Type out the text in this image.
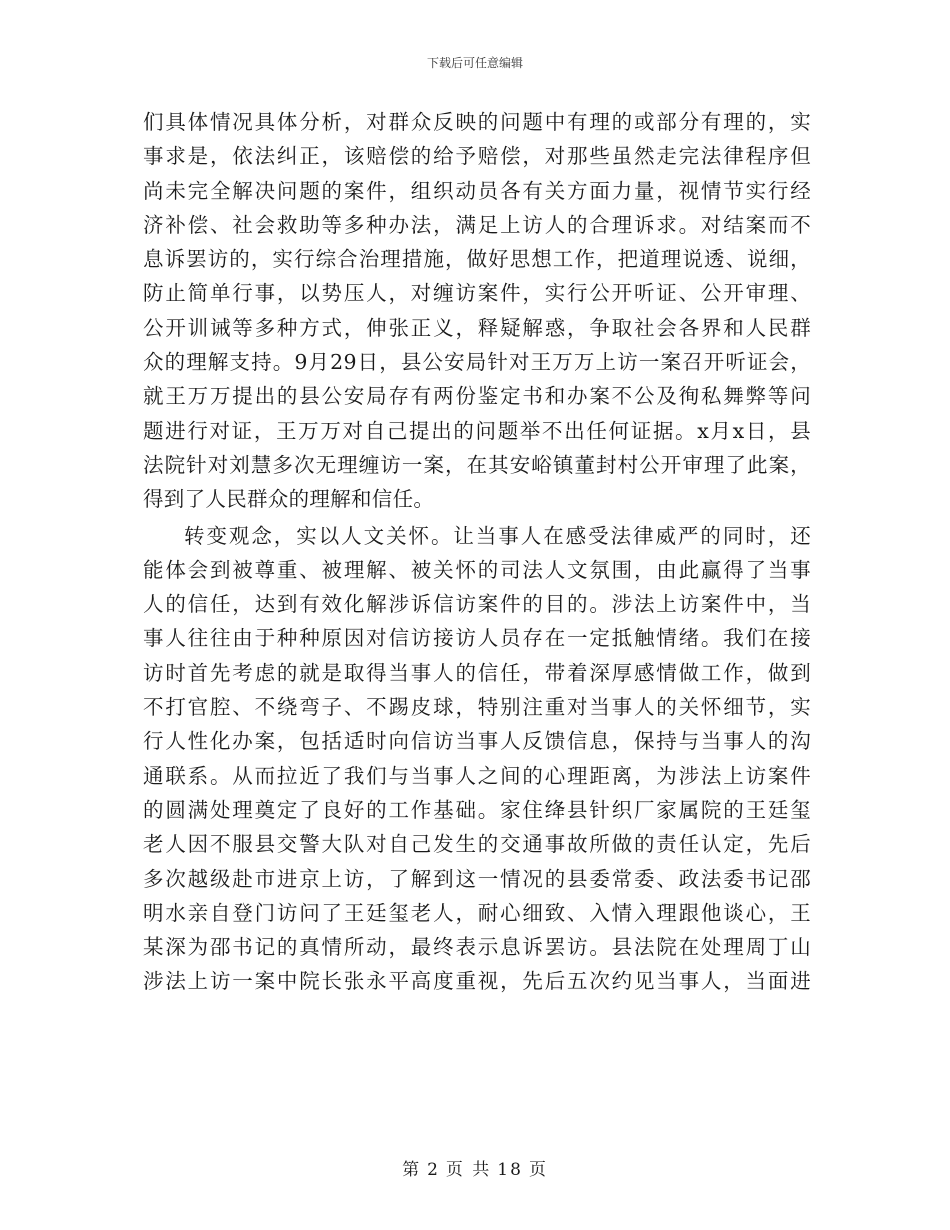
下载后可任意编辑
们具体情况具体分析，对群众反映的问题中有理的或部分有理的，实
事求是，依法纠正，该赔偿的给予赔偿，对那些虽然走完法律程序但
尚未完全解决问题的案件，组织动员各有关方面力量，视情节实行经
济补偿、社会救助等多种办法，满足上访人的合理诉求。对结案而不
息诉罢访的，实行综合治理措施，做好思想工作，把道理说透、说细，
防止简单行事，以势压人，对缠访案件，实行公开听证、公开审理、
公开训诫等多种方式，伸张正义，释疑解惑，争取社会各界和人民群
众的理解支持。9月29日，县公安局针对王万万上访一案召开听证会，
就王万万提出的县公安局存有两份鉴定书和办案不公及徇私舞弊等问
题进行对证，王万万对自己提出的问题举不出任何证据。x月x日，县
法院针对刘慧多次无理缠访一案，在其安峪镇董封村公开审理了此案，
得到了人民群众的理解和信任。
转变观念，实以人文关怀。让当事人在感受法律威严的同时，还
能体会到被尊重、被理解、被关怀的司法人文氛围，由此赢得了当事
人的信任，达到有效化解涉诉信访案件的目的。涉法上访案件中，当
事人往往由于种种原因对信访接访人员存在一定抵触情绪。我们在接
访时首先考虑的就是取得当事人的信任，带着深厚感情做工作，做到
不打官腔、不绕弯子、不踢皮球，特别注重对当事人的关怀细节，实
行人性化办案，包括适时向信访当事人反馈信息，保持与当事人的沟
通联系。从而拉近了我们与当事人之间的心理距离，为涉法上访案件
的圆满处理奠定了良好的工作基础。家住绛县针织厂家属院的王廷玺
老人因不服县交警大队对自己发生的交通事故所做的责任认定，先后
多次越级赴市进京上访，了解到这一情况的县委常委、政法委书记邵
明水亲自登门访问了王廷玺老人，耐心细致、入情入理跟他谈心，王
某深为邵书记的真情所动，最终表示息诉罢访。县法院在处理周丁山
涉法上访一案中院长张永平高度重视，先后五次约见当事人，当面进
第 2 页 共 18 页
